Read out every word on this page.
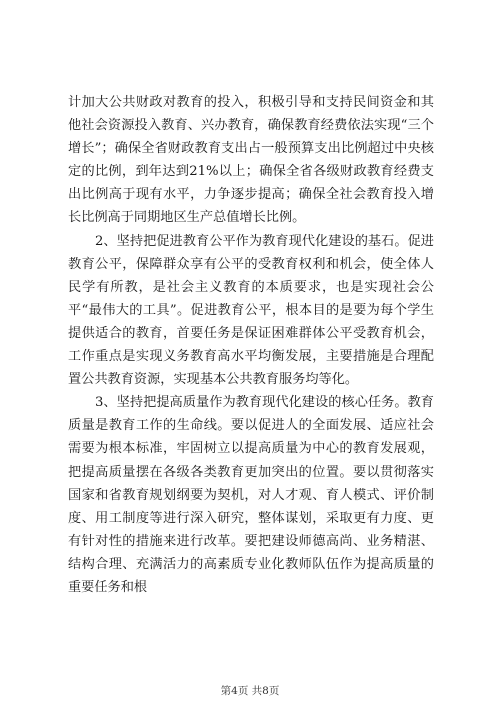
计加大公共财政对教育的投入，积极引导和支持民间资金和其他社会资源投入教育、兴办教育，确保教育经费依法实现“三个增长”；确保全省财政教育支出占一般预算支出比例超过中央核定的比例，到年达到21%以上；确保全省各级财政教育经费支出比例高于现有水平，力争逐步提高；确保全社会教育投入增长比例高于同期地区生产总值增长比例。

2、坚持把促进教育公平作为教育现代化建设的基石。促进教育公平，保障群众享有公平的受教育权利和机会，使全体人民学有所教，是社会主义教育的本质要求，也是实现社会公平“最伟大的工具”。促进教育公平，根本目的是要为每个学生提供适合的教育，首要任务是保证困难群体公平受教育机会，工作重点是实现义务教育高水平均衡发展，主要措施是合理配置公共教育资源，实现基本公共教育服务均等化。

3、坚持把提高质量作为教育现代化建设的核心任务。教育质量是教育工作的生命线。要以促进人的全面发展、适应社会需要为根本标准，牢固树立以提高质量为中心的教育发展观，把提高质量摆在各级各类教育更加突出的位置。要以贯彻落实国家和省教育规划纲要为契机，对人才观、育人模式、评价制度、用工制度等进行深入研究，整体谋划，采取更有力度、更有针对性的措施来进行改革。要把建设师德高尚、业务精湛、结构合理、充满活力的高素质专业化教师队伍作为提高质量的重要任务和根

第4页 共8页
